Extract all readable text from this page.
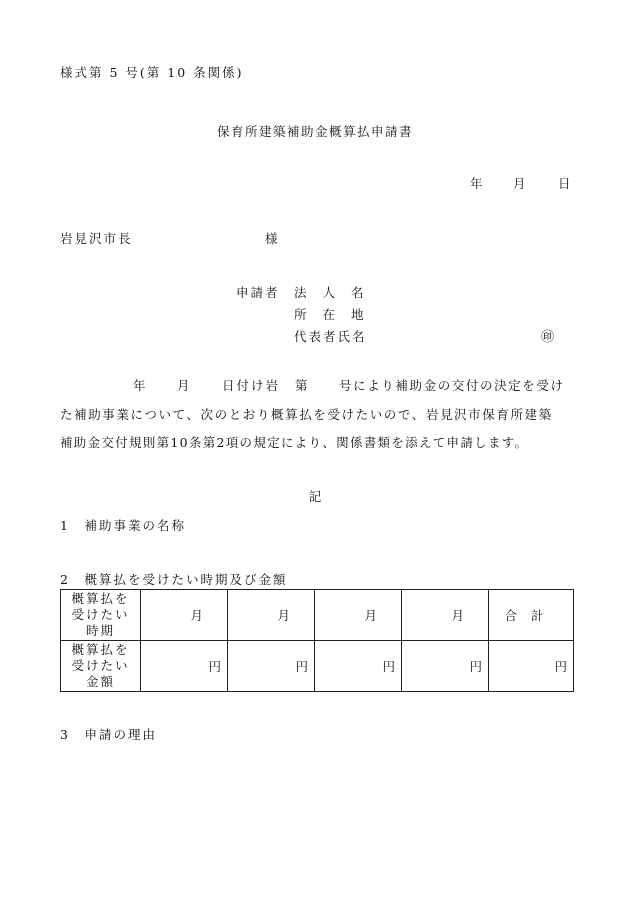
様式第 5 号(第 10 条関係)
保育所建築補助金概算払申請書
年 月	日
岩見沢市長	様
申請者 法 人 名
所 在 地
代表者氏名	㊞
年	月	日付け岩 第	号により補助金の交付の決定を受け
た補助事業について、次のとおり概算払を受けたいので、岩見沢市保育所建築
補助金交付規則第10条第2項の規定により、関係書類を添えて申請します。
記
1　補助事業の名称
2　概算払を受けたい時期及び金額
概算払を
受けたい
時期	月	月	月	月	合計

概算払を
受けたい
金額	円	円	円	円	円
3　申請の理由
